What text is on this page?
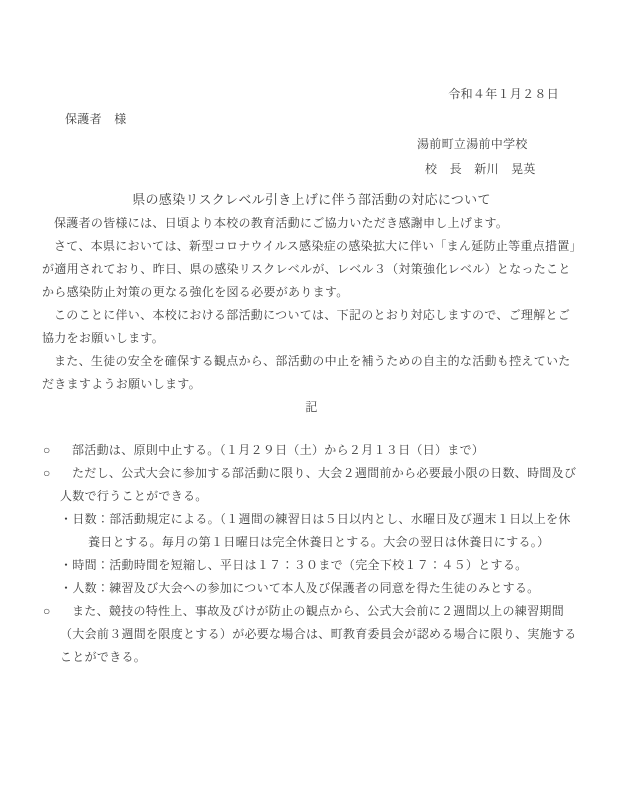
令和４年１月２８日
保護者　様
湯前町立湯前中学校
校　長　新川　晃英
県の感染リスクレベル引き上げに伴う部活動の対応について

保護者の皆様には、日頃より本校の教育活動にご協力いただき感謝申し上げます。

さて、本県においては、新型コロナウイルス感染症の感染拡大に伴い「まん延防止等重点措置」が適用されており、昨日、県の感染リスクレベルが、レベル３（対策強化レベル）となったことから感染防止対策の更なる強化を図る必要があります。

このことに伴い、本校における部活動については、下記のとおり対応しますので、ご理解とご協力をお願いします。

また、生徒の安全を確保する観点から、部活動の中止を補うための自主的な活動も控えていただきますようお願いします。

記
○ 部活動は、原則中止する。（１月２９日（土）から２月１３日（日）まで）
○ ただし、公式大会に参加する部活動に限り、大会２週間前から必要最小限の日数、時間及び人数で行うことができる。
・日数：部活動規定による。（１週間の練習日は５日以内とし、水曜日及び週末１日以上を休養日とする。毎月の第１日曜日は完全休養日とする。大会の翌日は休養日にする。）
・時間：活動時間を短縮し、平日は１７：３０まで（完全下校１７：４５）とする。
・人数：練習及び大会への参加について本人及び保護者の同意を得た生徒のみとする。
○ また、競技の特性上、事故及びけが防止の観点から、公式大会前に２週間以上の練習期間（大会前３週間を限度とする）が必要な場合は、町教育委員会が認める場合に限り、実施することができる。
